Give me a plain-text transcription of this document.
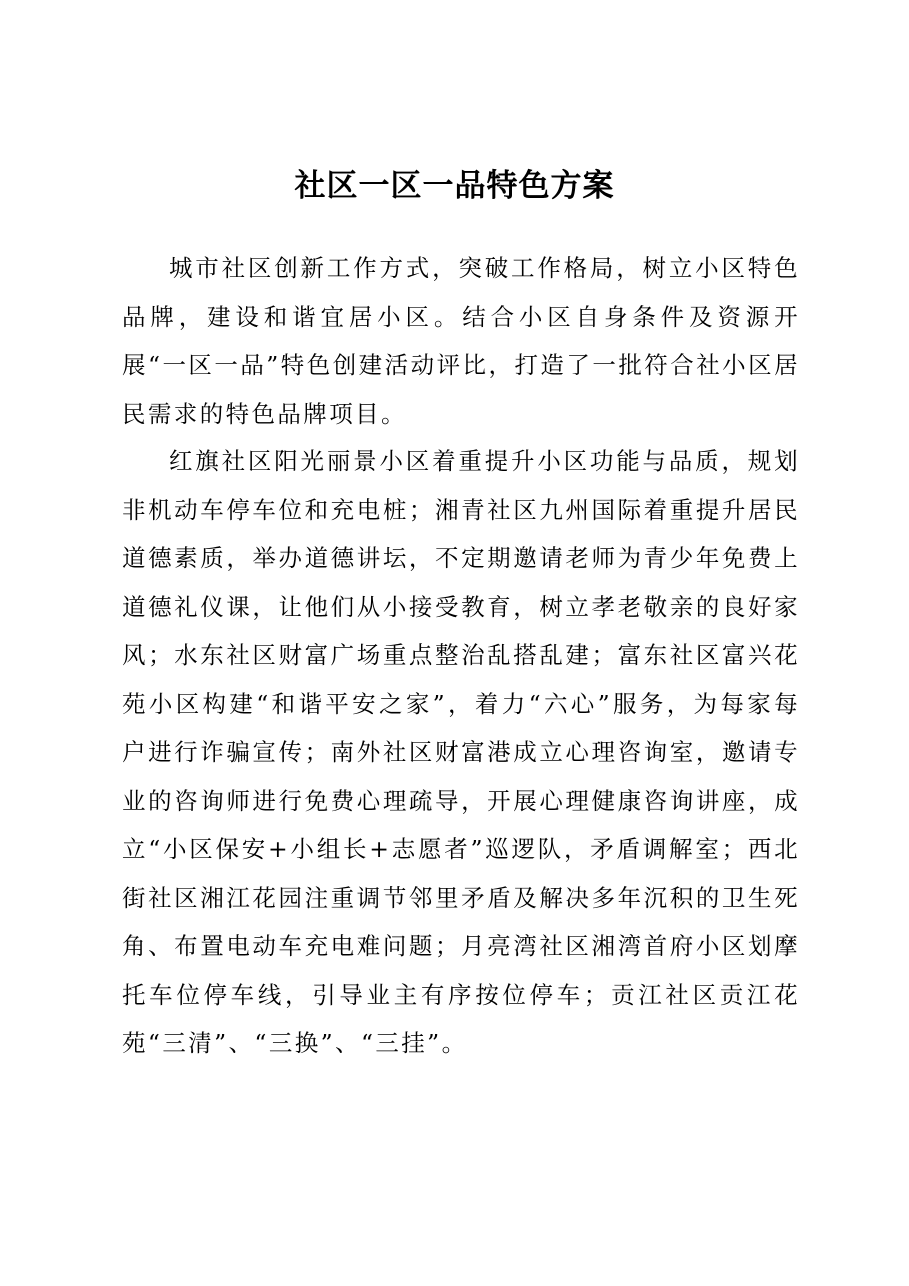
社区一区一品特色方案

城市社区创新工作方式，突破工作格局，树立小区特色品牌，建设和谐宜居小区。结合小区自身条件及资源开展“一区一品”特色创建活动评比，打造了一批符合社小区居民需求的特色品牌项目。

红旗社区阳光丽景小区着重提升小区功能与品质，规划非机动车停车位和充电桩；湘青社区九州国际着重提升居民道德素质，举办道德讲坛，不定期邀请老师为青少年免费上道德礼仪课，让他们从小接受教育，树立孝老敬亲的良好家风；水东社区财富广场重点整治乱搭乱建；富东社区富兴花苑小区构建“和谐平安之家”，着力“六心”服务，为每家每户进行诈骗宣传；南外社区财富港成立心理咨询室，邀请专业的咨询师进行免费心理疏导，开展心理健康咨询讲座，成立“小区保安+小组长+志愿者”巡逻队，矛盾调解室；西北街社区湘江花园注重调节邻里矛盾及解决多年沉积的卫生死角、布置电动车充电难问题；月亮湾社区湘湾首府小区划摩托车位停车线，引导业主有序按位停车；贡江社区贡江花苑“三清”、“三换”、“三挂”。
